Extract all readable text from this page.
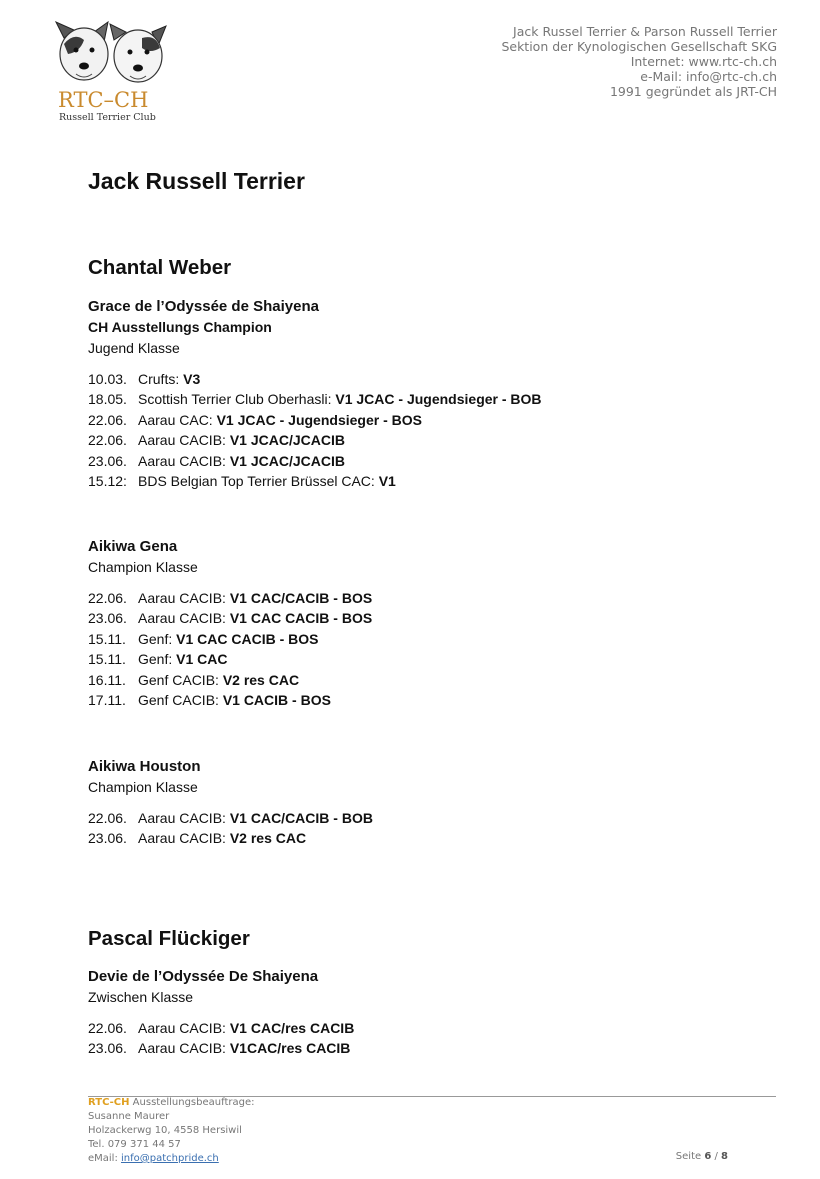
RTC–CH
Russell Terrier Club
Jack Russel Terrier & Parson Russell Terrier
Sektion der Kynologischen Gesellschaft SKG
Internet: www.rtc-ch.ch
e-Mail: info@rtc-ch.ch
1991 gegründet als JRT-CH
Jack Russell Terrier
Chantal Weber
Grace de l’Odyssée de Shaiyena
CH Ausstellungs Champion
Jugend Klasse
10.03. Crufts: V3
18.05. Scottish Terrier Club Oberhasli: V1 JCAC - Jugendsieger - BOB
22.06. Aarau CAC: V1 JCAC - Jugendsieger - BOS
22.06. Aarau CACIB: V1 JCAC/JCACIB
23.06. Aarau CACIB: V1 JCAC/JCACIB
15.12: BDS Belgian Top Terrier Brüssel CAC: V1
Aikiwa Gena
Champion Klasse
22.06. Aarau CACIB: V1 CAC/CACIB - BOS
23.06. Aarau CACIB: V1 CAC CACIB - BOS
15.11. Genf: V1 CAC CACIB - BOS
15.11. Genf: V1 CAC
16.11. Genf CACIB: V2 res CAC
17.11. Genf CACIB: V1 CACIB - BOS
Aikiwa Houston
Champion Klasse
22.06. Aarau CACIB: V1 CAC/CACIB - BOB
23.06. Aarau CACIB: V2 res CAC
Pascal Flückiger
Devie de l’Odyssée De Shaiyena
Zwischen Klasse
22.06. Aarau CACIB: V1 CAC/res CACIB
23.06. Aarau CACIB: V1CAC/res CACIB
RTC-CH Ausstellungsbeauftrage:
Susanne Maurer
Holzackerwg 10, 4558 Hersiwil
Tel. 079 371 44 57
eMail: info@patchpride.ch	Seite 6 / 8
